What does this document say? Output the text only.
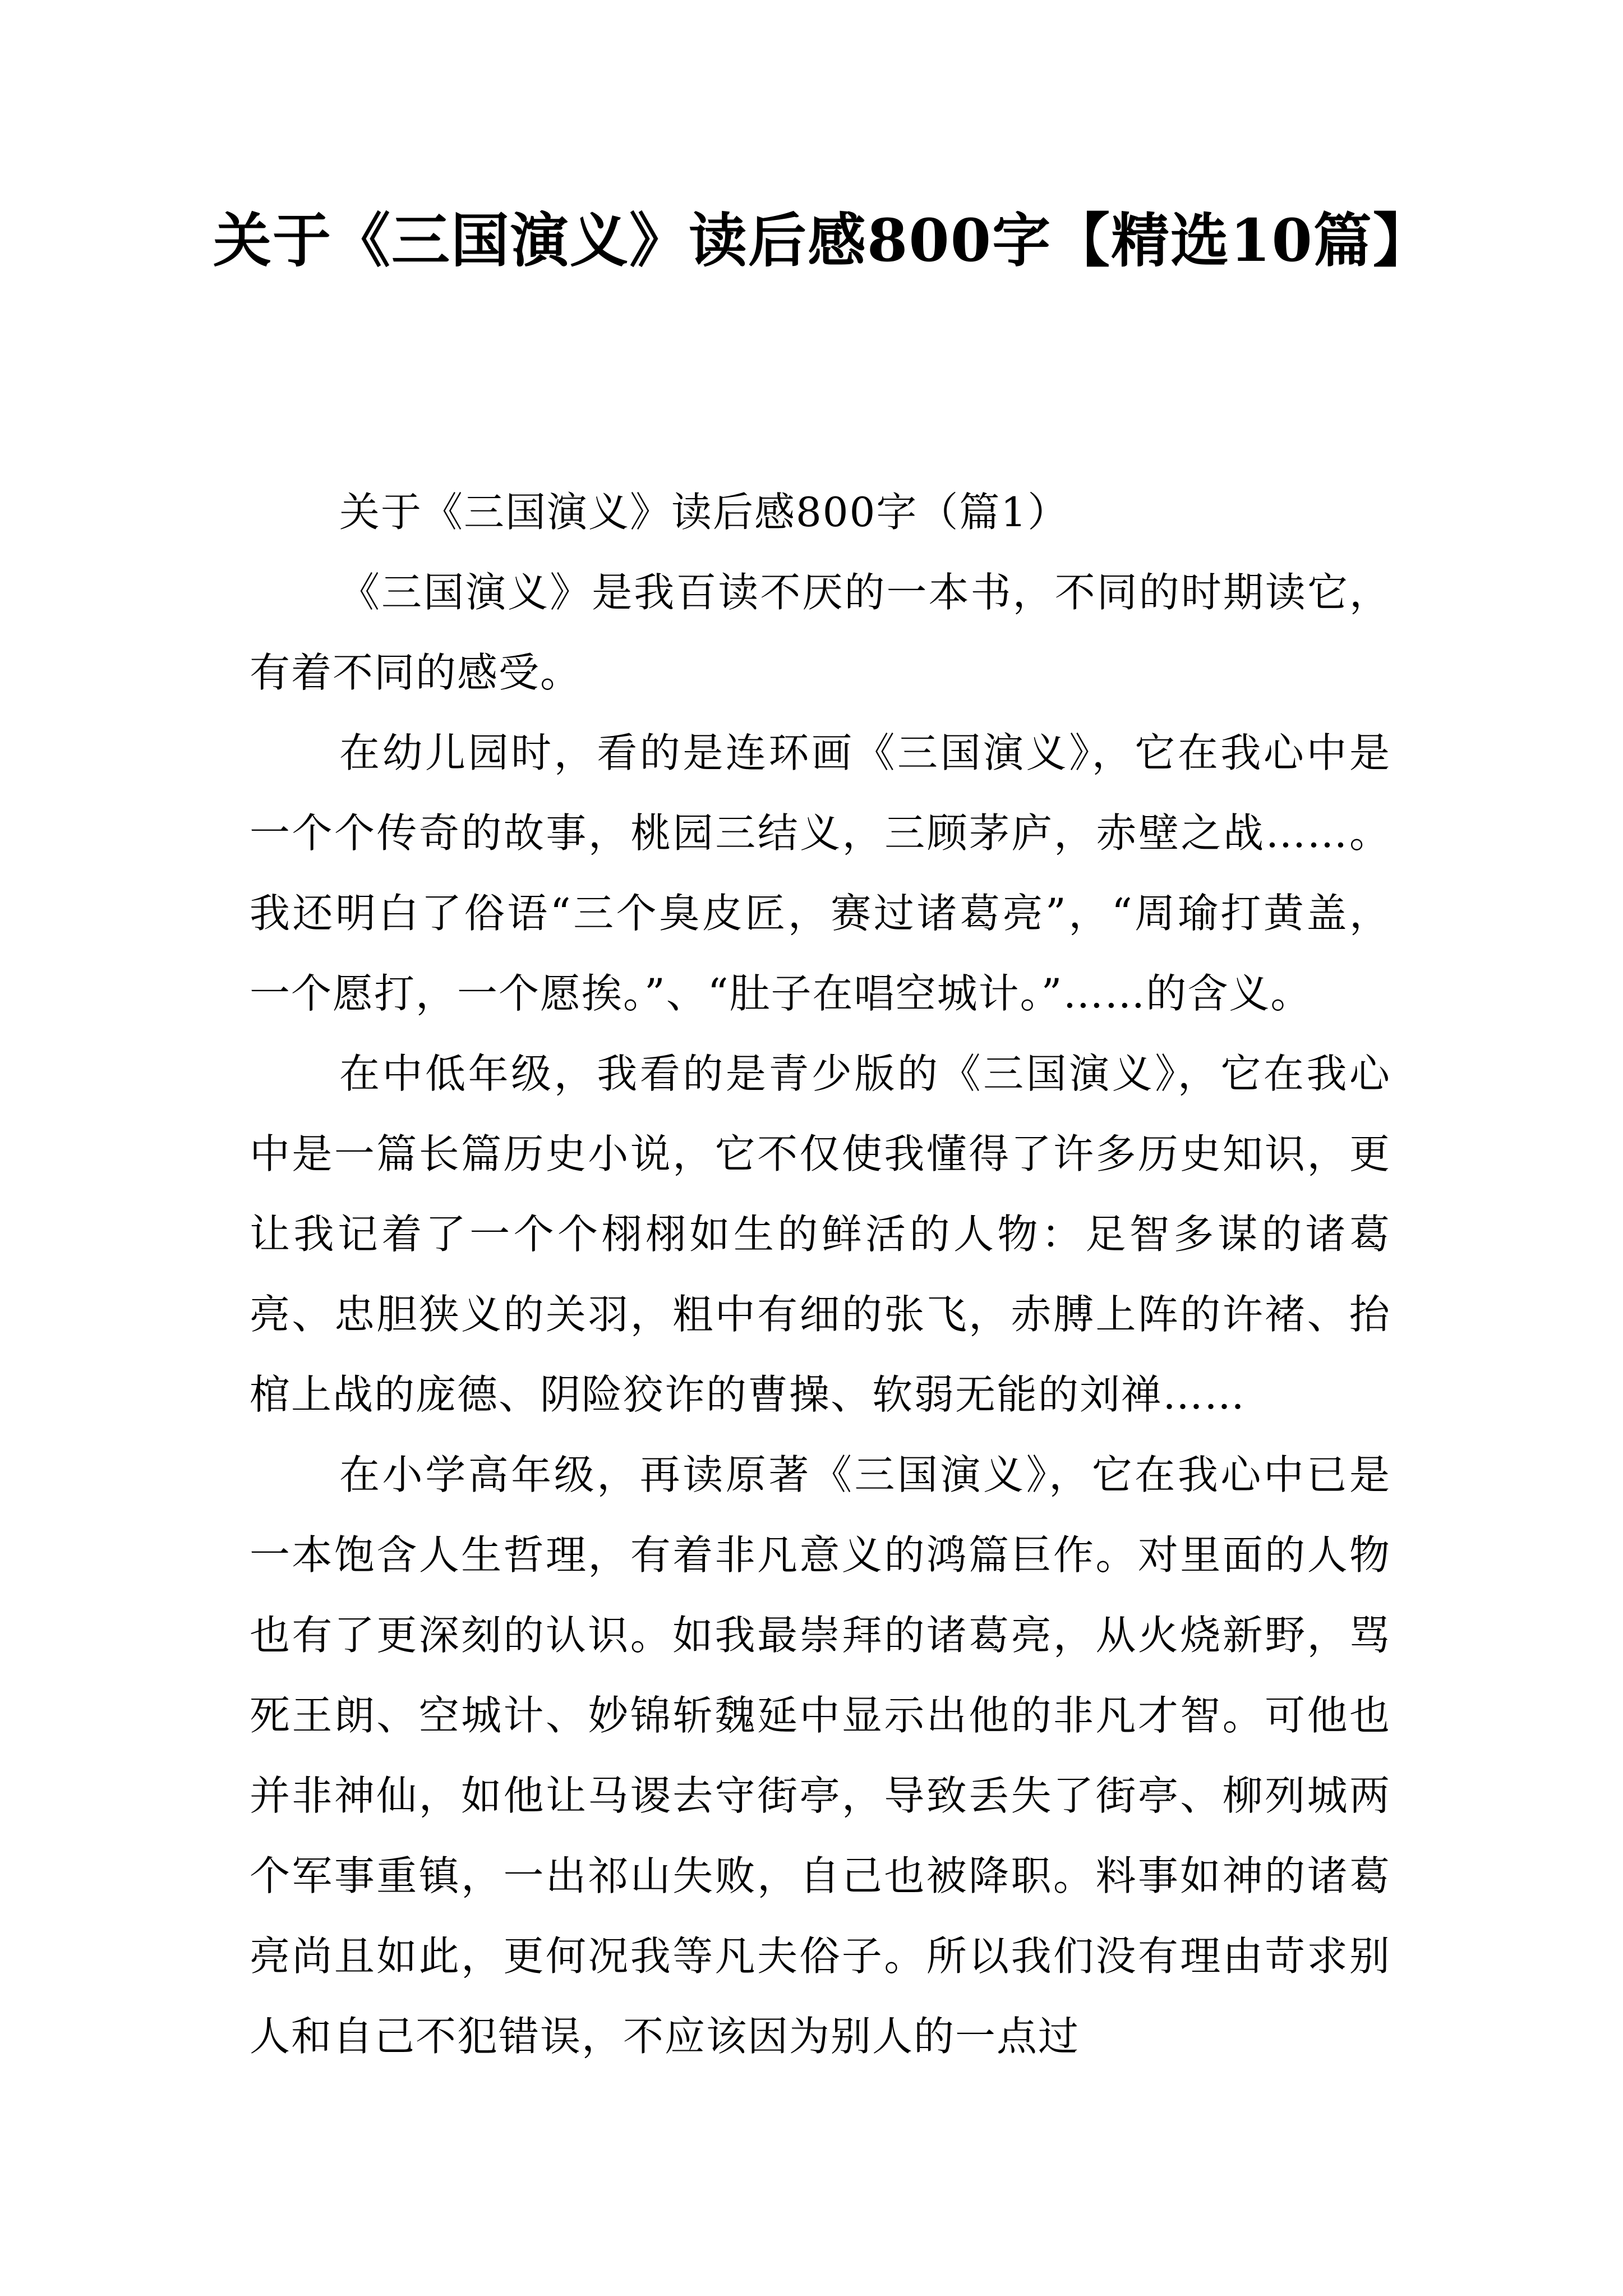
关于《三国演义》读后感800字【精选10篇】

关于《三国演义》读后感800字（篇1）

《三国演义》是我百读不厌的一本书，不同的时期读它，有着不同的感受。

在幼儿园时，看的是连环画《三国演义》，它在我心中是一个个传奇的故事，桃园三结义，三顾茅庐，赤壁之战……。我还明白了俗语“三个臭皮匠，赛过诸葛亮”，“周瑜打黄盖，一个愿打，一个愿挨。”、“肚子在唱空城计。”……的含义。

在中低年级，我看的是青少版的《三国演义》，它在我心中是一篇长篇历史小说，它不仅使我懂得了许多历史知识，更让我记着了一个个栩栩如生的鲜活的人物：足智多谋的诸葛亮、忠胆狭义的关羽，粗中有细的张飞，赤膊上阵的许褚、抬棺上战的庞德、阴险狡诈的曹操、软弱无能的刘禅……

在小学高年级，再读原著《三国演义》，它在我心中已是一本饱含人生哲理，有着非凡意义的鸿篇巨作。对里面的人物也有了更深刻的认识。如我最崇拜的诸葛亮，从火烧新野，骂死王朗、空城计、妙锦斩魏延中显示出他的非凡才智。可他也并非神仙，如他让马谡去守街亭，导致丢失了街亭、柳列城两个军事重镇，一出祁山失败，自己也被降职。料事如神的诸葛亮尚且如此，更何况我等凡夫俗子。所以我们没有理由苛求别人和自己不犯错误，不应该因为别人的一点过
